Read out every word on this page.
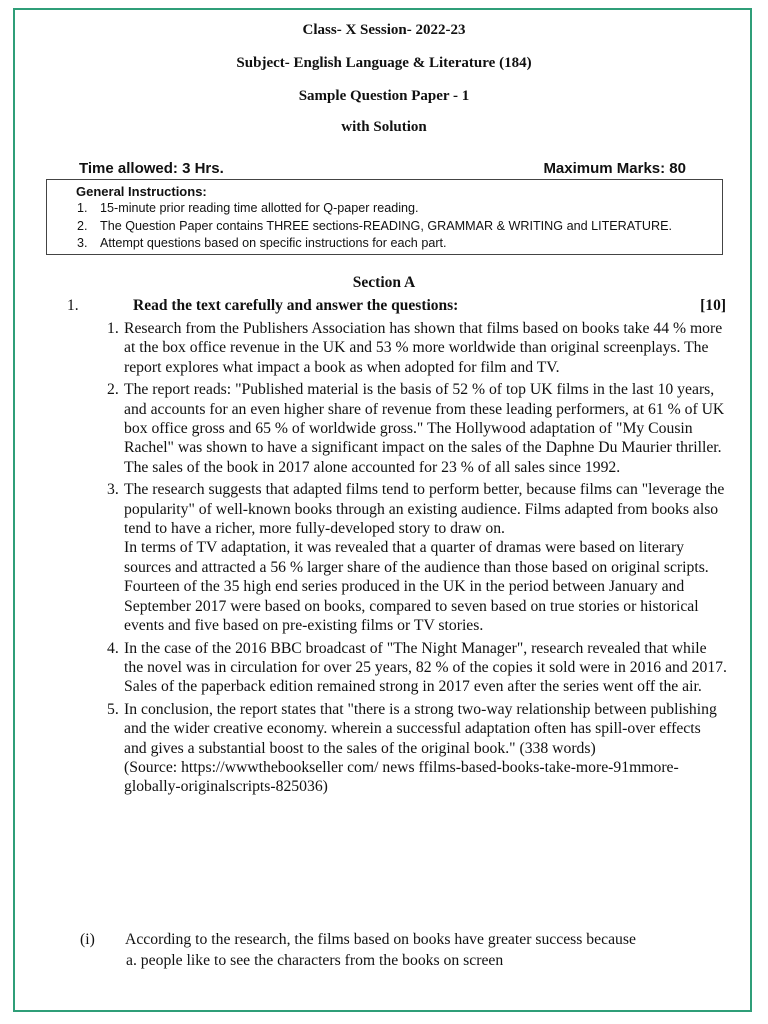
Class- X Session- 2022-23
Subject- English Language & Literature (184)
Sample Question Paper - 1
with Solution
Time allowed: 3 Hrs.	Maximum Marks: 80
General Instructions:
1. 15-minute prior reading time allotted for Q-paper reading.
2. The Question Paper contains THREE sections-READING, GRAMMAR & WRITING and LITERATURE.
3. Attempt questions based on specific instructions for each part.
Section A
1.	Read the text carefully and answer the questions:	[10]
1. Research from the Publishers Association has shown that films based on books take 44 % more at the box office revenue in the UK and 53 % more worldwide than original screenplays. The report explores what impact a book as when adopted for film and TV.
2. The report reads: "Published material is the basis of 52 % of top UK films in the last 10 years, and accounts for an even higher share of revenue from these leading performers, at 61 % of UK box office gross and 65 % of worldwide gross." The Hollywood adaptation of "My Cousin Rachel" was shown to have a significant impact on the sales of the Daphne Du Maurier thriller. The sales of the book in 2017 alone accounted for 23 % of all sales since 1992.
3. The research suggests that adapted films tend to perform better, because films can "leverage the popularity" of well-known books through an existing audience. Films adapted from books also tend to have a richer, more fully-developed story to draw on.
In terms of TV adaptation, it was revealed that a quarter of dramas were based on literary sources and attracted a 56 % larger share of the audience than those based on original scripts. Fourteen of the 35 high end series produced in the UK in the period between January and September 2017 were based on books, compared to seven based on true stories or historical events and five based on pre-existing films or TV stories.
4. In the case of the 2016 BBC broadcast of "The Night Manager", research revealed that while the novel was in circulation for over 25 years, 82 % of the copies it sold were in 2016 and 2017. Sales of the paperback edition remained strong in 2017 even after the series went off the air.
5. In conclusion, the report states that "there is a strong two-way relationship between publishing and the wider creative economy. wherein a successful adaptation often has spill-over effects and gives a substantial boost to the sales of the original book." (338 words)
(Source: https://wwwthebookseller com/ news ffilms-based-books-take-more-91mmore-globally-originalscripts-825036)
(i) According to the research, the films based on books have greater success because
a. people like to see the characters from the books on screen
